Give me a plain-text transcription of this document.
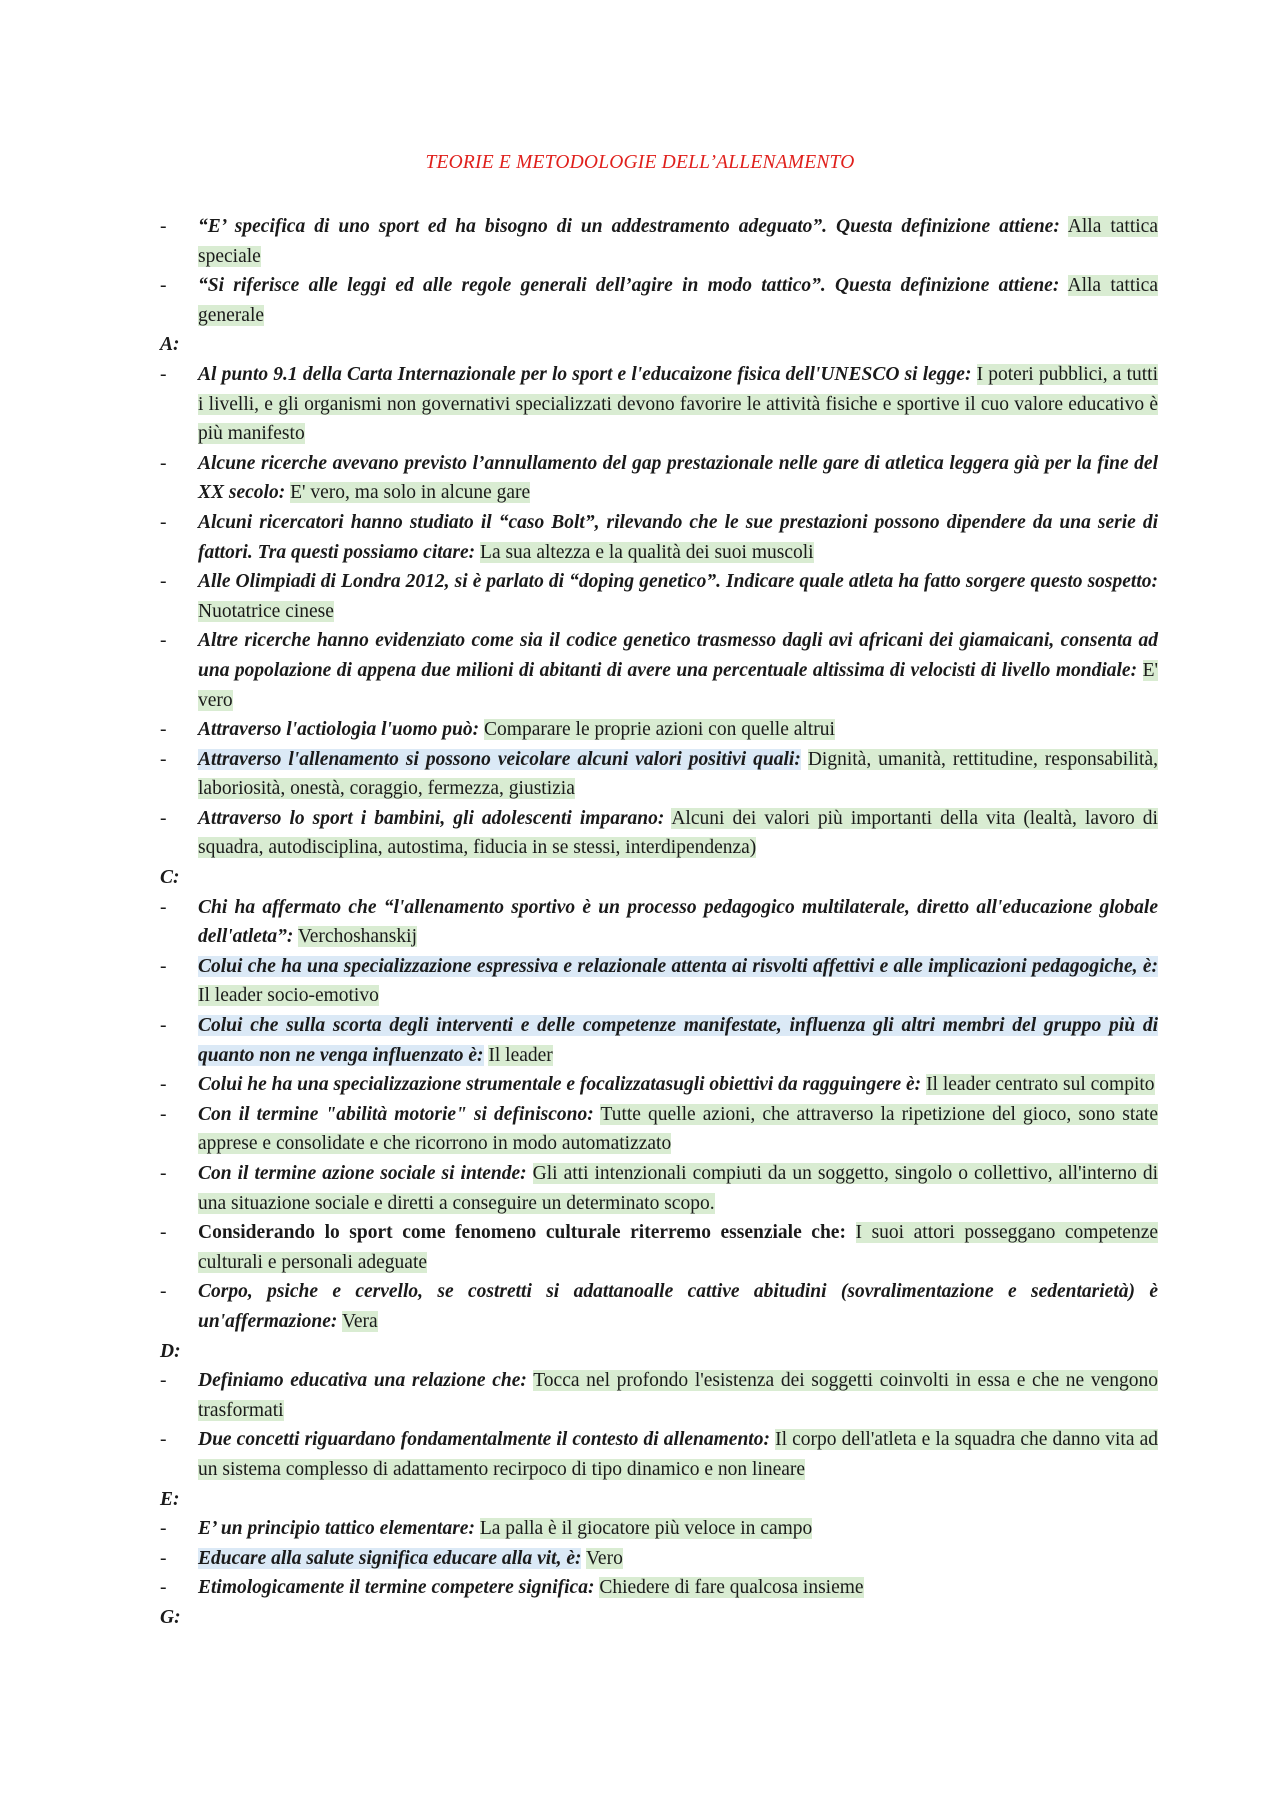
TEORIE E METODOLOGIE DELL’ALLENAMENTO
- “E’ specifica di uno sport ed ha bisogno di un addestramento adeguato”. Questa definizione attiene: Alla tattica speciale
- “Si riferisce alle leggi ed alle regole generali dell’agire in modo tattico”. Questa definizione attiene: Alla tattica generale
A:
- Al punto 9.1 della Carta Internazionale per lo sport e l'educaizone fisica dell'UNESCO si legge: I poteri pubblici, a tutti i livelli, e gli organismi non governativi specializzati devono favorire le attività fisiche e sportive il cuo valore educativo è più manifesto
- Alcune ricerche avevano previsto l’annullamento del gap prestazionale nelle gare di atletica leggera già per la fine del XX secolo: E' vero, ma solo in alcune gare
- Alcuni ricercatori hanno studiato il “caso Bolt”, rilevando che le sue prestazioni possono dipendere da una serie di fattori. Tra questi possiamo citare: La sua altezza e la qualità dei suoi muscoli
- Alle Olimpiadi di Londra 2012, si è parlato di “doping genetico”. Indicare quale atleta ha fatto sorgere questo sospetto: Nuotatrice cinese
- Altre ricerche hanno evidenziato come sia il codice genetico trasmesso dagli avi africani dei giamaicani, consenta ad una popolazione di appena due milioni di abitanti di avere una percentuale altissima di velocisti di livello mondiale: E' vero
- Attraverso l'actiologia l'uomo può: Comparare le proprie azioni con quelle altrui
- Attraverso l'allenamento si possono veicolare alcuni valori positivi quali: Dignità, umanità, rettitudine, responsabilità, laboriosità, onestà, coraggio, fermezza, giustizia
- Attraverso lo sport i bambini, gli adolescenti imparano: Alcuni dei valori più importanti della vita (lealtà, lavoro di squadra, autodisciplina, autostima, fiducia in se stessi, interdipendenza)
C:
- Chi ha affermato che “l'allenamento sportivo è un processo pedagogico multilaterale, diretto all'educazione globale dell'atleta”: Verchoshanskij
- Colui che ha una specializzazione espressiva e relazionale attenta ai risvolti affettivi e alle implicazioni pedagogiche, è: Il leader socio-emotivo
- Colui che sulla scorta degli interventi e delle competenze manifestate, influenza gli altri membri del gruppo più di quanto non ne venga influenzato è: Il leader
- Colui he ha una specializzazione strumentale e focalizzatasugli obiettivi da ragguingere è: Il leader centrato sul compito
- Con il termine "abilità motorie" si definiscono: Tutte quelle azioni, che attraverso la ripetizione del gioco, sono state apprese e consolidate e che ricorrono in modo automatizzato
- Con il termine azione sociale si intende: Gli atti intenzionali compiuti da un soggetto, singolo o collettivo, all'interno di una situazione sociale e diretti a conseguire un determinato scopo.
- Considerando lo sport come fenomeno culturale riterremo essenziale che: I suoi attori posseggano competenze culturali e personali adeguate
- Corpo, psiche e cervello, se costretti si adattanoalle cattive abitudini (sovralimentazione e sedentarietà) è un'affermazione: Vera
D:
- Definiamo educativa una relazione che: Tocca nel profondo l'esistenza dei soggetti coinvolti in essa e che ne vengono trasformati
- Due concetti riguardano fondamentalmente il contesto di allenamento: Il corpo dell'atleta e la squadra che danno vita ad un sistema complesso di adattamento recirpoco di tipo dinamico e non lineare
E:
- E’ un principio tattico elementare: La palla è il giocatore più veloce in campo
- Educare alla salute significa educare alla vit, è: Vero
- Etimologicamente il termine competere significa: Chiedere di fare qualcosa insieme
G:
